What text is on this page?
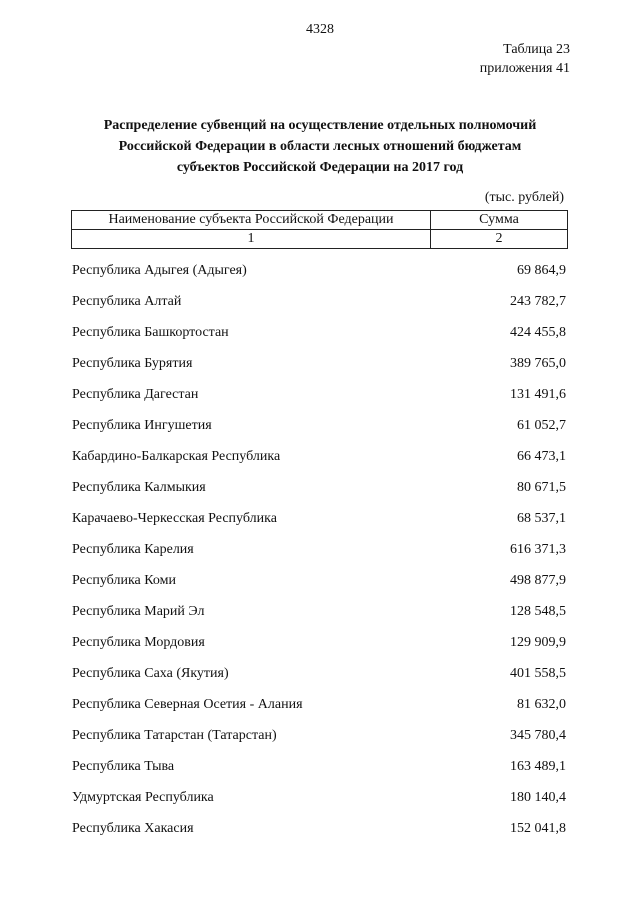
4328
Таблица 23
приложения 41
Распределение субвенций на осуществление отдельных полномочий
Российской Федерации в области лесных отношений бюджетам
субъектов Российской Федерации на 2017 год
(тыс. рублей)
Наименование субъекта Российской Федерации	Сумма
1	2
Республика Адыгея (Адыгея)	69 864,9
Республика Алтай	243 782,7
Республика Башкортостан	424 455,8
Республика Бурятия	389 765,0
Республика Дагестан	131 491,6
Республика Ингушетия	61 052,7
Кабардино-Балкарская Республика	66 473,1
Республика Калмыкия	80 671,5
Карачаево-Черкесская Республика	68 537,1
Республика Карелия	616 371,3
Республика Коми	498 877,9
Республика Марий Эл	128 548,5
Республика Мордовия	129 909,9
Республика Саха (Якутия)	401 558,5
Республика Северная Осетия - Алания	81 632,0
Республика Татарстан (Татарстан)	345 780,4
Республика Тыва	163 489,1
Удмуртская Республика	180 140,4
Республика Хакасия	152 041,8
